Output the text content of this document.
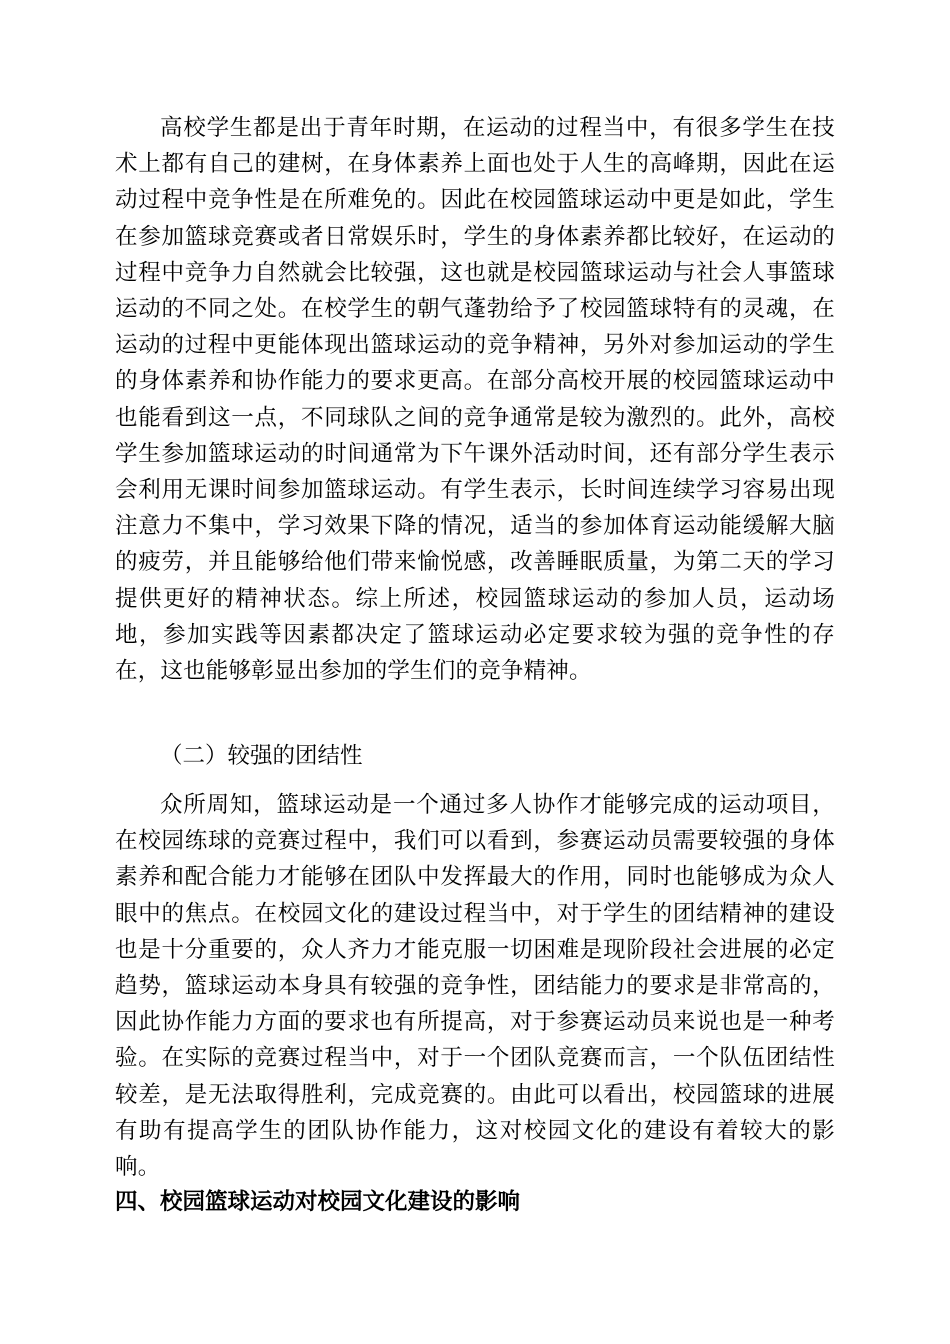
高校学生都是出于青年时期，在运动的过程当中，有很多学生在技术上都有自己的建树，在身体素养上面也处于人生的高峰期，因此在运动过程中竞争性是在所难免的。因此在校园篮球运动中更是如此，学生在参加篮球竞赛或者日常娱乐时，学生的身体素养都比较好，在运动的过程中竞争力自然就会比较强，这也就是校园篮球运动与社会人事篮球运动的不同之处。在校学生的朝气蓬勃给予了校园篮球特有的灵魂，在运动的过程中更能体现出篮球运动的竞争精神，另外对参加运动的学生的身体素养和协作能力的要求更高。在部分高校开展的校园篮球运动中也能看到这一点，不同球队之间的竞争通常是较为激烈的。此外，高校学生参加篮球运动的时间通常为下午课外活动时间，还有部分学生表示会利用无课时间参加篮球运动。有学生表示，长时间连续学习容易出现注意力不集中，学习效果下降的情况，适当的参加体育运动能缓解大脑的疲劳，并且能够给他们带来愉悦感，改善睡眠质量，为第二天的学习提供更好的精神状态。综上所述，校园篮球运动的参加人员，运动场地，参加实践等因素都决定了篮球运动必定要求较为强的竞争性的存在，这也能够彰显出参加的学生们的竞争精神。

（二）较强的团结性

众所周知，篮球运动是一个通过多人协作才能够完成的运动项目，在校园练球的竞赛过程中，我们可以看到，参赛运动员需要较强的身体素养和配合能力才能够在团队中发挥最大的作用，同时也能够成为众人眼中的焦点。在校园文化的建设过程当中，对于学生的团结精神的建设也是十分重要的，众人齐力才能克服一切困难是现阶段社会进展的必定趋势，篮球运动本身具有较强的竞争性，团结能力的要求是非常高的，因此协作能力方面的要求也有所提高，对于参赛运动员来说也是一种考验。在实际的竞赛过程当中，对于一个团队竞赛而言，一个队伍团结性较差，是无法取得胜利，完成竞赛的。由此可以看出，校园篮球的进展有助有提高学生的团队协作能力，这对校园文化的建设有着较大的影响。

四、校园篮球运动对校园文化建设的影响
